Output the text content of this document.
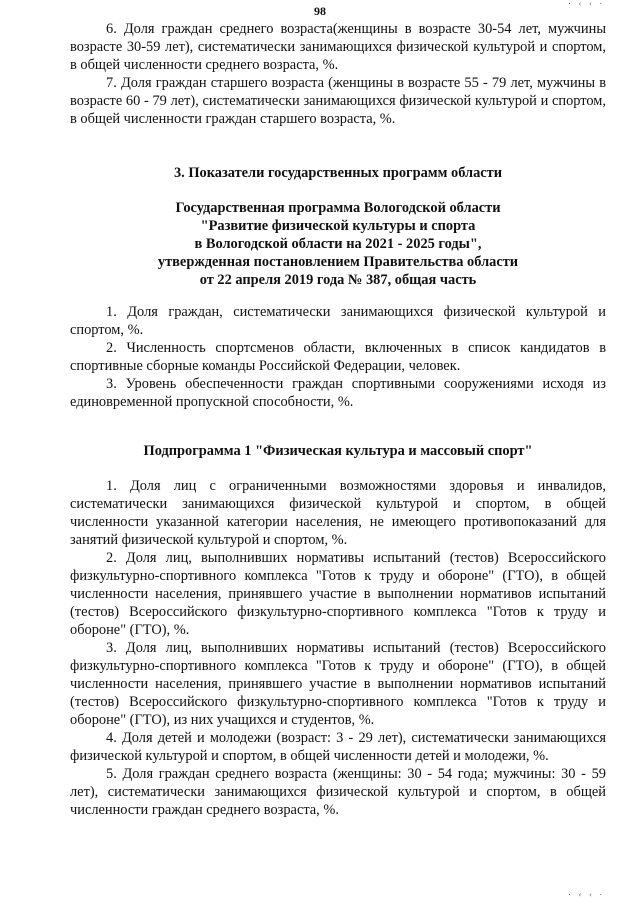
· ‹ ‹ ·
98

6. Доля граждан среднего возраста(женщины в возрасте 30-54 лет, мужчины возрасте 30-59 лет), систематически занимающихся физической культурой и спортом, в общей численности среднего возраста, %.

7. Доля граждан старшего возраста (женщины в возрасте 55 - 79 лет, мужчины в возрасте 60 - 79 лет), систематически занимающихся физической культурой и спортом, в общей численности граждан старшего возраста, %.

3. Показатели государственных программ области
Государственная программа Вологодской области
"Развитие физической культуры и спорта
в Вологодской области на 2021 - 2025 годы",
утвержденная постановлением Правительства области
от 22 апреля 2019 года № 387, общая часть

1. Доля граждан, систематически занимающихся физической культурой и спортом, %.

2. Численность спортсменов области, включенных в список кандидатов в спортивные сборные команды Российской Федерации, человек.

3. Уровень обеспеченности граждан спортивными сооружениями исходя из единовременной пропускной способности, %.

Подпрограмма 1 "Физическая культура и массовый спорт"

1. Доля лиц с ограниченными возможностями здоровья и инвалидов, систематически занимающихся физической культурой и спортом, в общей численности указанной категории населения, не имеющего противопоказаний для занятий физической культурой и спортом, %.

2. Доля лиц, выполнивших нормативы испытаний (тестов) Всероссийского физкультурно-спортивного комплекса "Готов к труду и обороне" (ГТО), в общей численности населения, принявшего участие в выполнении нормативов испытаний (тестов) Всероссийского физкультурно-спортивного комплекса "Готов к труду и обороне" (ГТО), %.

3. Доля лиц, выполнивших нормативы испытаний (тестов) Всероссийского физкультурно-спортивного комплекса "Готов к труду и обороне" (ГТО), в общей численности населения, принявшего участие в выполнении нормативов испытаний (тестов) Всероссийского физкультурно-спортивного комплекса "Готов к труду и обороне" (ГТО), из них учащихся и студентов, %.

4. Доля детей и молодежи (возраст: 3 - 29 лет), систематически занимающихся физической культурой и спортом, в общей численности детей и молодежи, %.

5. Доля граждан среднего возраста (женщины: 30 - 54 года; мужчины: 30 - 59 лет), систематически занимающихся физической культурой и спортом, в общей численности граждан среднего возраста, %.

· ‹ ‹ ·
